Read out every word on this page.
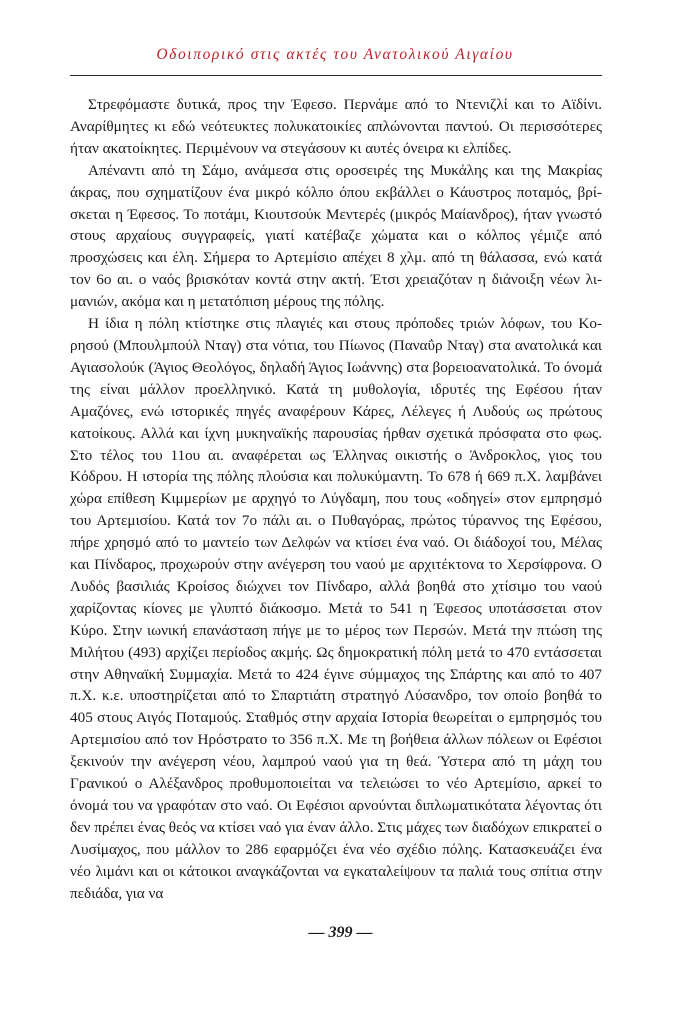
Οδοιπορικό στις ακτές του Ανατολικού Αιγαίου

Στρεφόμαστε δυτικά, προς την Έφεσο. Περνάμε από το Ντενιζλί και το Αϊδίνι. Αναρίθμητες κι εδώ νεότευκτες πολυκατοικίες απλώνονται παντού. Οι περισσότερες ήταν ακατοίκητες. Περιμένουν να στεγάσουν κι αυτές όνειρα κι ελπίδες.

Απέναντι από τη Σάμο, ανάμεσα στις οροσειρές της Μυκάλης και της Μακρίας άκρας, που σχηματίζουν ένα μικρό κόλπο όπου εκβάλλει ο Κάυστρος ποταμός, βρίσκεται η Έφεσος. Το ποτάμι, Κιουτσούκ Μεντερές (μικρός Μαίανδρος), ήταν γνωστό στους αρχαίους συγγραφείς, γιατί κατέβαζε χώματα και ο κόλπος γέμιζε από προσχώσεις και έλη. Σήμερα το Αρτεμίσιο απέχει 8 χλμ. από τη θάλασσα, ενώ κατά τον 6ο αι. ο ναός βρισκόταν κοντά στην ακτή. Έτσι χρειαζόταν η διάνοιξη νέων λιμανιών, ακόμα και η μετατόπιση μέρους της πόλης.

Η ίδια η πόλη κτίστηκε στις πλαγιές και στους πρόποδες τριών λόφων, του Κορησού (Μπουλμπούλ Νταγ) στα νότια, του Πίωνος (Παναΰρ Νταγ) στα ανατολικά και Αγιασολούκ (Άγιος Θεολόγος, δηλαδή Άγιος Ιωάννης) στα βορειοανατολικά. Το όνομά της είναι μάλλον προελληνικό. Κατά τη μυθολογία, ιδρυτές της Εφέσου ήταν Αμαζόνες, ενώ ιστορικές πηγές αναφέρουν Κάρες, Λέλεγες ή Λυδούς ως πρώτους κατοίκους. Αλλά και ίχνη μυκηναϊκής παρουσίας ήρθαν σχετικά πρόσφατα στο φως. Στο τέλος του 11ου αι. αναφέρεται ως Έλληνας οικιστής ο Άνδροκλος, γιος του Κόδρου. Η ιστορία της πόλης πλούσια και πολυκύμαντη. Το 678 ή 669 π.Χ. λαμβάνει χώρα επίθεση Κιμμερίων με αρχηγό το Λύγδαμη, που τους «οδηγεί» στον εμπρησμό του Αρτεμισίου. Κατά τον 7ο πάλι αι. ο Πυθαγόρας, πρώτος τύραννος της Εφέσου, πήρε χρησμό από το μαντείο των Δελφών να κτίσει ένα ναό. Οι διάδοχοί του, Μέλας και Πίνδαρος, προχωρούν στην ανέγερση του ναού με αρχιτέκτονα το Χερσίφρονα. Ο Λυδός βασιλιάς Κροίσος διώχνει τον Πίνδαρο, αλλά βοηθά στο χτίσιμο του ναού χαρίζοντας κίονες με γλυπτό διάκοσμο. Μετά το 541 η Έφεσος υποτάσσεται στον Κύρο. Στην ιωνική επανάσταση πήγε με το μέρος των Περσών. Μετά την πτώση της Μιλήτου (493) αρχίζει περίοδος ακμής. Ως δημοκρατική πόλη μετά το 470 εντάσσεται στην Αθηναϊκή Συμμαχία. Μετά το 424 έγινε σύμμαχος της Σπάρτης και από το 407 π.Χ. κ.ε. υποστηρίζεται από το Σπαρτιάτη στρατηγό Λύσανδρο, τον οποίο βοηθά το 405 στους Αιγός Ποταμούς. Σταθμός στην αρχαία Ιστορία θεωρείται ο εμπρησμός του Αρτεμισίου από τον Ηρόστρατο το 356 π.Χ. Με τη βοήθεια άλλων πόλεων οι Εφέσιοι ξεκινούν την ανέγερση νέου, λαμπρού ναού για τη θεά. Ύστερα από τη μάχη του Γρανικού ο Αλέξανδρος προθυμοποιείται να τελειώσει το νέο Αρτεμίσιο, αρκεί το όνομά του να γραφόταν στο ναό. Οι Εφέσιοι αρνούνται διπλωματικότατα λέγοντας ότι δεν πρέπει ένας θεός να κτίσει ναό για έναν άλλο. Στις μάχες των διαδόχων επικρατεί ο Λυσίμαχος, που μάλλον το 286 εφαρμόζει ένα νέο σχέδιο πόλης. Κατασκευάζει ένα νέο λιμάνι και οι κάτοικοι αναγκάζονται να εγκαταλείψουν τα παλιά τους σπίτια στην πεδιάδα, για να

— 399 —
